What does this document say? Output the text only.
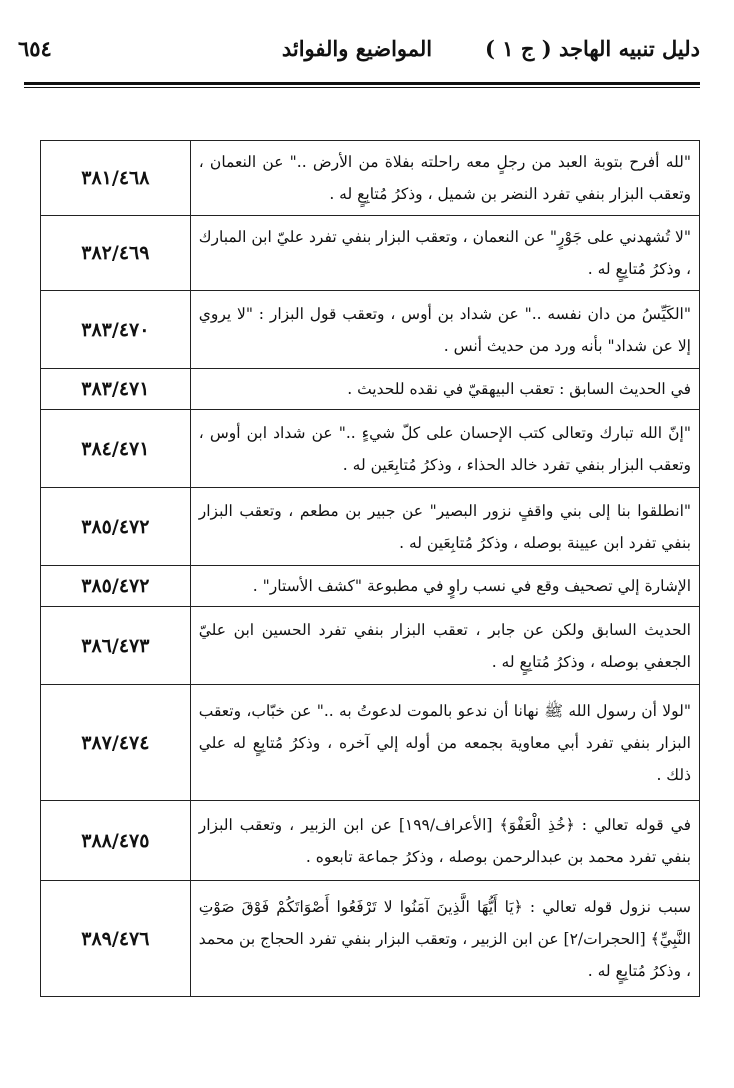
دليل تنبيه الهاجد ( ج ١ )
المواضيع والفوائد
٦٥٤
"لله أفرح بتوبة العبد من رجلٍ معه راحلته بفلاة من الأرض .." عن النعمان ، وتعقب البزار بنفي تفرد النضر بن شميل ، وذكرُ مُتابِعٍ له .	٣٨١/٤٦٨
"لا تُشهدني على جَوْرٍ" عن النعمان ، وتعقب البزار بنفي تفرد عليّ ابن المبارك ، وذكرُ مُتابِعٍ له .	٣٨٢/٤٦٩
"الكَيِّسُ من دان نفسه .." عن شداد بن أوس ، وتعقب قول البزار : "لا يروي إلا عن شداد" بأنه ورد من حديث أنس .	٣٨٣/٤٧٠
في الحديث السابق : تعقب البيهقيّ في نقده للحديث .	٣٨٣/٤٧١
"إنّ الله تبارك وتعالى كتب الإحسان على كلّ شيءٍ .." عن شداد ابن أوس ، وتعقب البزار بنفي تفرد خالد الحذاء ، وذكرُ مُتابِعَين له .	٣٨٤/٤٧١
"انطلقوا بنا إلى بني واقفٍ نزور البصير" عن جبير بن مطعم ، وتعقب البزار بنفي تفرد ابن عيينة بوصله ، وذكرُ مُتابِعَين له .	٣٨٥/٤٧٢
الإشارة إلي تصحيف وقع في نسب راوٍ في مطبوعة "كشف الأستار" .	٣٨٥/٤٧٢
الحديث السابق ولكن عن جابر ، تعقب البزار بنفي تفرد الحسين ابن عليّ الجعفي بوصله ، وذكرُ مُتابِعٍ له .	٣٨٦/٤٧٣
"لولا أن رسول الله ﷺ نهانا أن ندعو بالموت لدعوتُ به .." عن خبّاب، وتعقب البزار بنفي تفرد أبي معاوية بجمعه من أوله إلي آخره ، وذكرُ مُتابِعٍ له علي ذلك .	٣٨٧/٤٧٤
في قوله تعالي : ﴿خُذِ الْعَفْوَ﴾ [الأعراف/١٩٩] عن ابن الزبير ، وتعقب البزار بنفي تفرد محمد بن عبدالرحمن بوصله ، وذكرُ جماعة تابعوه .	٣٨٨/٤٧٥
سبب نزول قوله تعالي : ﴿يَا أَيُّهَا الَّذِينَ آمَنُوا لا تَرْفَعُوا أَصْوَاتَكُمْ فَوْقَ صَوْتِ النَّبِيِّ﴾ [الحجرات/٢] عن ابن الزبير ، وتعقب البزار بنفي تفرد الحجاج بن محمد ، وذكرُ مُتابِعٍ له .	٣٨٩/٤٧٦
